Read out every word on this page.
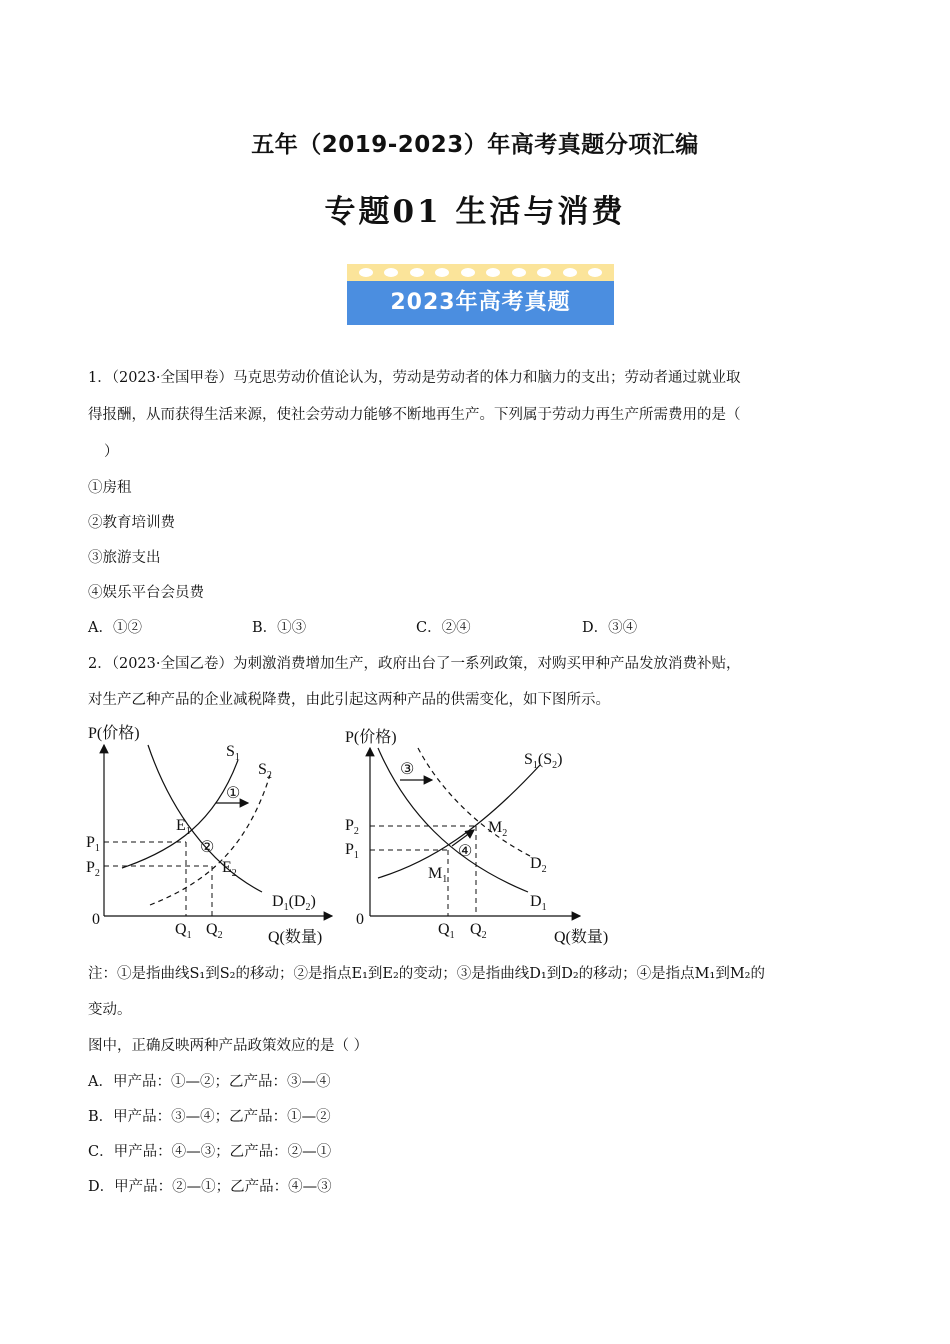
五年（2019-2023）年高考真题分项汇编
专题01 生活与消费
2023年高考真题
1．（2023·全国甲卷）马克思劳动价值论认为，劳动是劳动者的体力和脑力的支出；劳动者通过就业取
得报酬，从而获得生活来源，使社会劳动力能够不断地再生产。下列属于劳动力再生产所需费用的是（
）
①房租
②教育培训费
③旅游支出
④娱乐平台会员费
A．①②	B．①③	C．②④	D．③④
2．（2023·全国乙卷）为刺激消费增加生产，政府出台了一系列政策，对购买甲种产品发放消费补贴，
对生产乙种产品的企业减税降费，由此引起这两种产品的供需变化，如下图所示。
P(价格)
Q(数量)
0
①
②
$P_1$
$P_2$
$Q_1$ $Q_2$
$S_1$
$S_2$
$E_1$
$E_2$
$D_1(D_2)$
P(价格)
Q(数量)
0
③
④
$P_2$
$P_1$
$Q_1$ $Q_2$
$M_1$
$M_2$
$D_2$
$D_1$
$S_1(S_2)$
注：①是指曲线S₁到S₂的移动；②是指点E₁到E₂的变动；③是指曲线D₁到D₂的移动；④是指点M₁到M₂的
变动。
图中，正确反映两种产品政策效应的是（ ）
A．甲产品：①—②；乙产品：③—④
B．甲产品：③—④；乙产品：①—②
C．甲产品：④—③；乙产品：②—①
D．甲产品：②—①；乙产品：④—③
